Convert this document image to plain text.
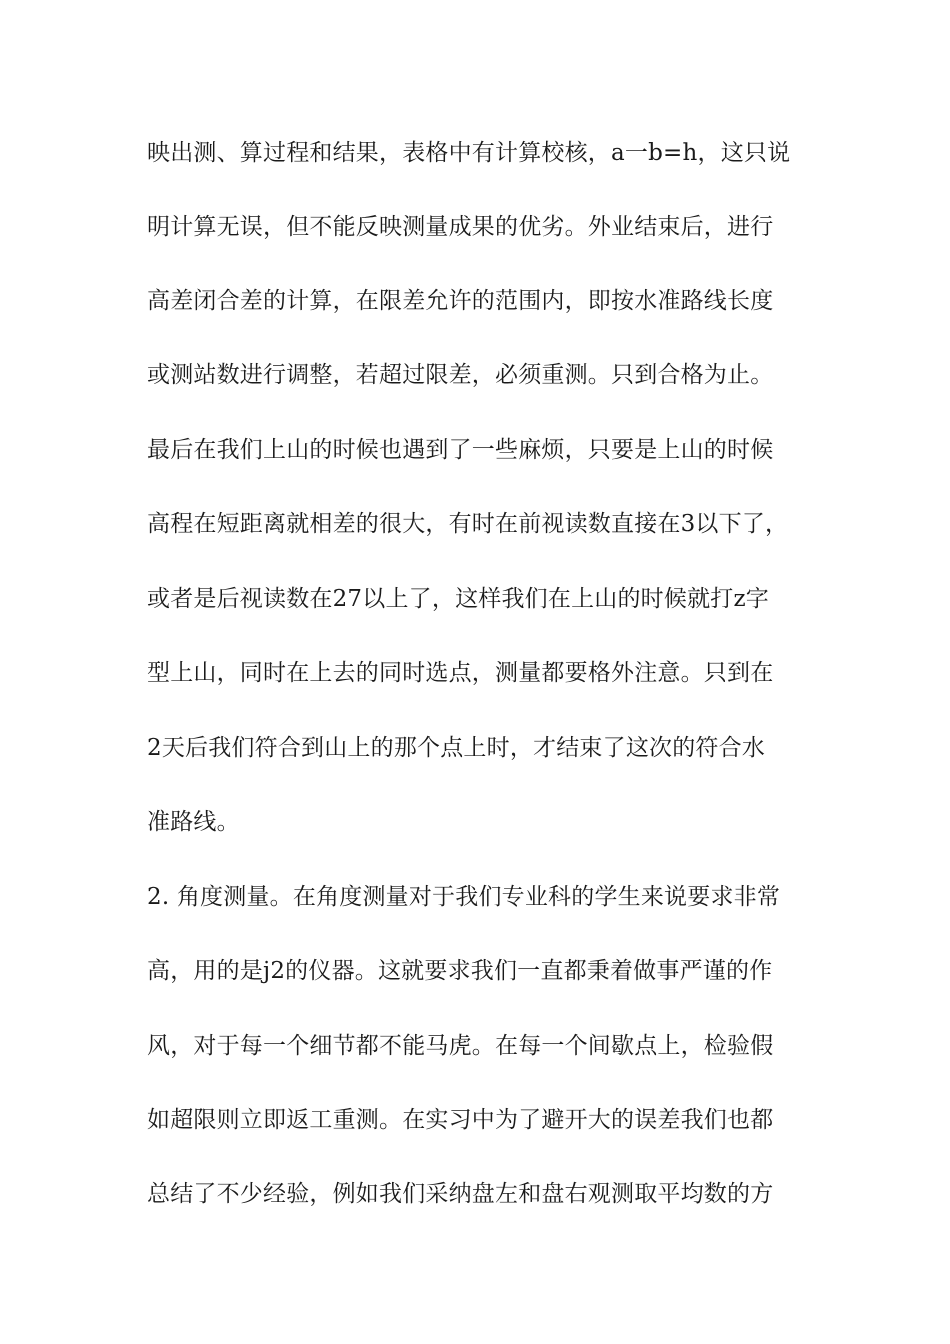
映出测、算过程和结果，表格中有计算校核，a一b=h，这只说
明计算无误，但不能反映测量成果的优劣。外业结束后，进行
高差闭合差的计算，在限差允许的范围内，即按水准路线长度
或测站数进行调整，若超过限差，必须重测。只到合格为止。
最后在我们上山的时候也遇到了一些麻烦，只要是上山的时候
高程在短距离就相差的很大，有时在前视读数直接在3以下了，
或者是后视读数在27以上了，这样我们在上山的时候就打z字
型上山，同时在上去的同时选点，测量都要格外注意。只到在
2天后我们符合到山上的那个点上时，才结束了这次的符合水
准路线。
2. 角度测量。在角度测量对于我们专业科的学生来说要求非常
高，用的是j2的仪器。这就要求我们一直都秉着做事严谨的作
风，对于每一个细节都不能马虎。在每一个间歇点上，检验假
如超限则立即返工重测。在实习中为了避开大的误差我们也都
总结了不少经验，例如我们采纳盘左和盘右观测取平均数的方
